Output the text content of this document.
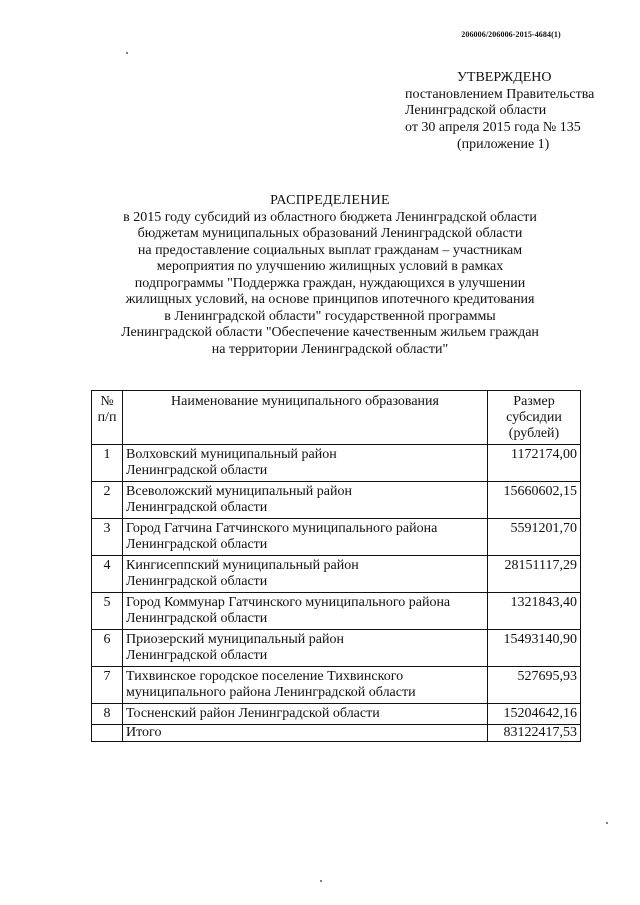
206006/206006-2015-4684(1)
УТВЕРЖДЕНО
постановлением Правительства
Ленинградской области
от 30 апреля 2015 года № 135
(приложение 1)
РАСПРЕДЕЛЕНИЕ
в 2015 году субсидий из областного бюджета Ленинградской области
бюджетам муниципальных образований Ленинградской области
на предоставление социальных выплат гражданам – участникам
мероприятия по улучшению жилищных условий в рамках
подпрограммы "Поддержка граждан, нуждающихся в улучшении
жилищных условий, на основе принципов ипотечного кредитования
в Ленинградской области" государственной программы
Ленинградской области "Обеспечение качественным жильем граждан
на территории Ленинградской области"
№
п/п	Наименование муниципального образования	Размер
субсидии
(рублей)

1	Волховский муниципальный район
Ленинградской области	1172174,00
2	Всеволожский муниципальный район
Ленинградской области	15660602,15
3	Город Гатчина Гатчинского муниципального района
Ленинградской области	5591201,70
4	Кингисеппский муниципальный район
Ленинградской области	28151117,29
5	Город Коммунар Гатчинского муниципального района
Ленинградской области	1321843,40
6	Приозерский муниципальный район
Ленинградской области	15493140,90
7	Тихвинское городское поселение Тихвинского
муниципального района Ленинградской области	527695,93
8	Тосненский район Ленинградской области	15204642,16
	Итого	83122417,53
